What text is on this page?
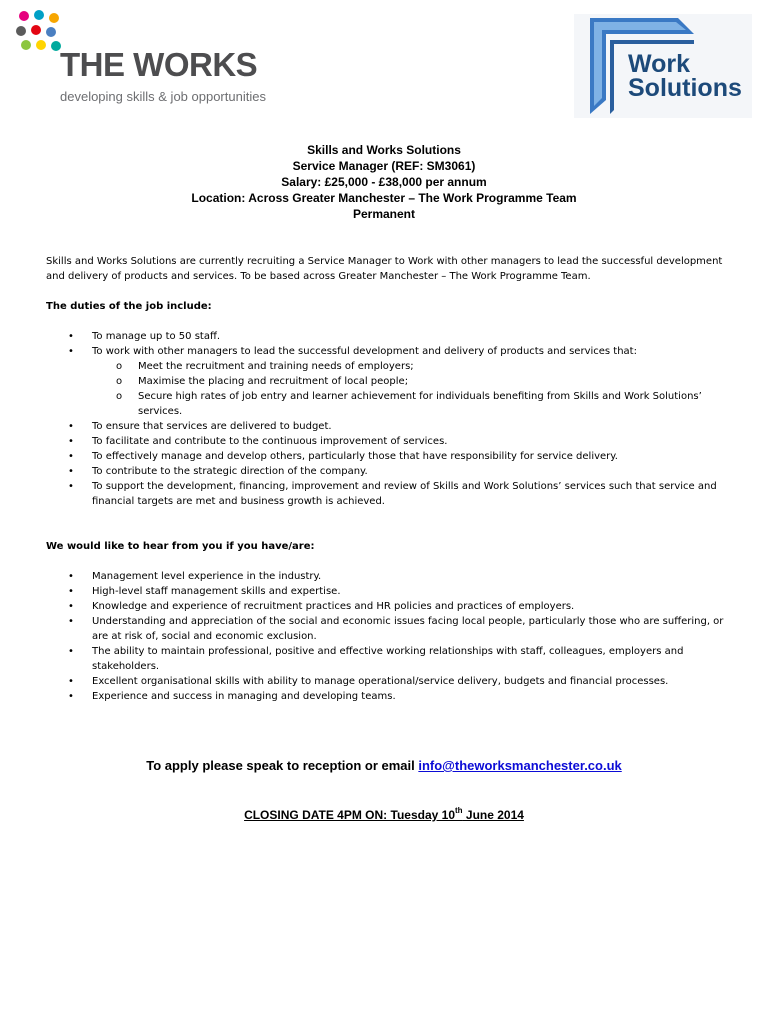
THE WORKS
developing skills & job opportunities
Work
Solutions
Skills and Works Solutions
Service Manager (REF: SM3061)
Salary: £25,000 - £38,000 per annum
Location: Across Greater Manchester – The Work Programme Team
Permanent

Skills and Works Solutions are currently recruiting a Service Manager to Work with other managers to lead the successful development and delivery of products and services. To be based across Greater Manchester – The Work Programme Team.

The duties of the job include:

• To manage up to 50 staff.
• To work with other managers to lead the successful development and delivery of products and services that:
o Meet the recruitment and training needs of employers;
o Maximise the placing and recruitment of local people;
o Secure high rates of job entry and learner achievement for individuals benefiting from Skills and Work Solutions’ services.
• To ensure that services are delivered to budget.
• To facilitate and contribute to the continuous improvement of services.
• To effectively manage and develop others, particularly those that have responsibility for service delivery.
• To contribute to the strategic direction of the company.
• To support the development, financing, improvement and review of Skills and Work Solutions’ services such that service and financial targets are met and business growth is achieved.

We would like to hear from you if you have/are:

• Management level experience in the industry.
• High-level staff management skills and expertise.
• Knowledge and experience of recruitment practices and HR policies and practices of employers.
• Understanding and appreciation of the social and economic issues facing local people, particularly those who are suffering, or are at risk of, social and economic exclusion.
• The ability to maintain professional, positive and effective working relationships with staff, colleagues, employers and stakeholders.
• Excellent organisational skills with ability to manage operational/service delivery, budgets and financial processes.
• Experience and success in managing and developing teams.
To apply please speak to reception or email info@theworksmanchester.co.uk
CLOSING DATE 4PM ON: Tuesday 10th June 2014
